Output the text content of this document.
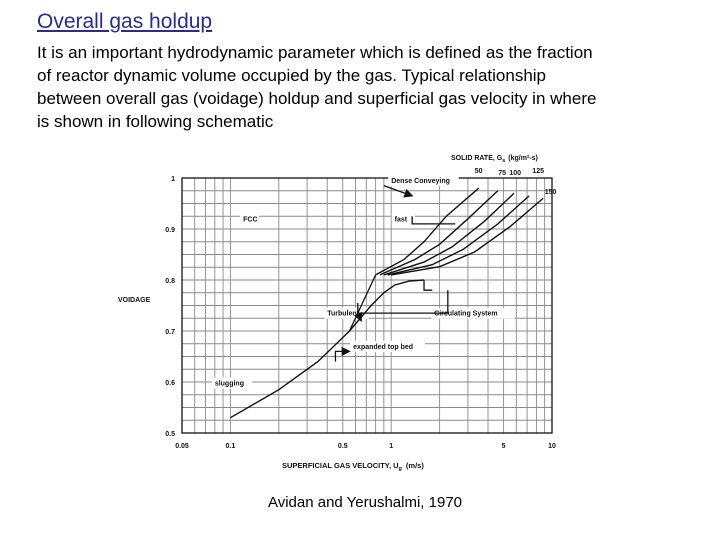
Overall gas holdup
It is an important hydrodynamic parameter which is defined as the fraction
of reactor dynamic volume occupied by the gas. Typical relationship
between overall gas (voidage) holdup and superficial gas velocity in where
is shown in following schematic
Dense Conveying
fast
FCC
Turbulent	Circulating System
expanded top bed
slugging
0.05	0.1	0.5	1	5	10
0.5
0.6
0.7
0.8
0.9
1
VOIDAGE
SUPERFICIAL GAS VELOCITY, $U_g$ (m/s)
SOLID RATE, $G_s$ (kg/m²-s)
50 75 100 125
150
Avidan and Yerushalmi, 1970
